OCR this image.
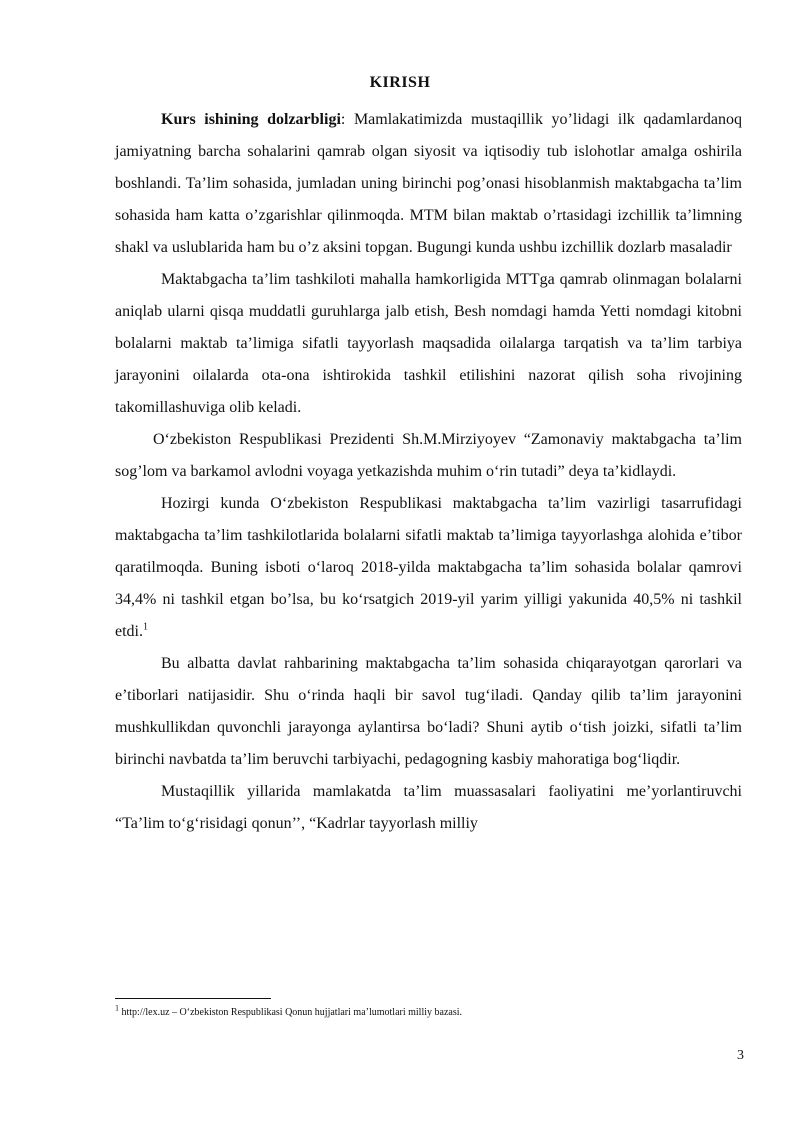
KIRISH

Kurs ishining dolzarbligi: Mamlakatimizda mustaqillik yo’lidagi ilk qadamlardanoq jamiyatning barcha sohalarini qamrab olgan siyosit va iqtisodiy tub islohotlar amalga oshirila boshlandi. Ta’lim sohasida, jumladan uning birinchi pog’onasi hisoblanmish maktabgacha ta’lim sohasida ham katta o’zgarishlar qilinmoqda. MTM bilan maktab o’rtasidagi izchillik ta’limning shakl va uslublarida ham bu o’z aksini topgan. Bugungi kunda ushbu izchillik dozlarb masaladir

Maktabgacha ta’lim tashkiloti mahalla hamkorligida MTTga qamrab olinmagan bolalarni aniqlab ularni qisqa muddatli guruhlarga jalb etish, Besh nomdagi hamda Yetti nomdagi kitobni bolalarni maktab ta’limiga sifatli tayyorlash maqsadida oilalarga tarqatish va ta’lim tarbiya jarayonini oilalarda ota-ona ishtirokida tashkil etilishini nazorat qilish soha rivojining takomillashuviga olib keladi.

O‘zbekiston Respublikasi Prezidenti Sh.M.Mirziyoyev “Zamonaviy maktabgacha ta’lim sog’lom va barkamol avlodni voyaga yetkazishda muhim o‘rin tutadi” deya ta’kidlaydi.

Hozirgi kunda O‘zbekiston Respublikasi maktabgacha ta’lim vazirligi tasarrufidagi maktabgacha ta’lim tashkilotlarida bolalarni sifatli maktab ta’limiga tayyorlashga alohida e’tibor qaratilmoqda. Buning isboti o‘laroq 2018-yilda maktabgacha ta’lim sohasida bolalar qamrovi 34,4% ni tashkil etgan bo’lsa, bu ko‘rsatgich 2019-yil yarim yilligi yakunida 40,5% ni tashkil etdi.$^1$

Bu albatta davlat rahbarining maktabgacha ta’lim sohasida chiqarayotgan qarorlari va e’tiborlari natijasidir. Shu o‘rinda haqli bir savol tug‘iladi. Qanday qilib ta’lim jarayonini mushkullikdan quvonchli jarayonga aylantirsa bo‘ladi? Shuni aytib o‘tish joizki, sifatli ta’lim birinchi navbatda ta’lim beruvchi tarbiyachi, pedagogning kasbiy mahoratiga bog‘liqdir.

Mustaqillik yillarida mamlakatda ta’lim muassasalari faoliyatini me’yorlantiruvchi “Ta’lim to‘g‘risidagi qonun’’, “Kadrlar tayyorlash milliy

$^1$ http://lex.uz – O‘zbekiston Respublikasi Qonun hujjatlari ma’lumotlari milliy bazasi.

3
